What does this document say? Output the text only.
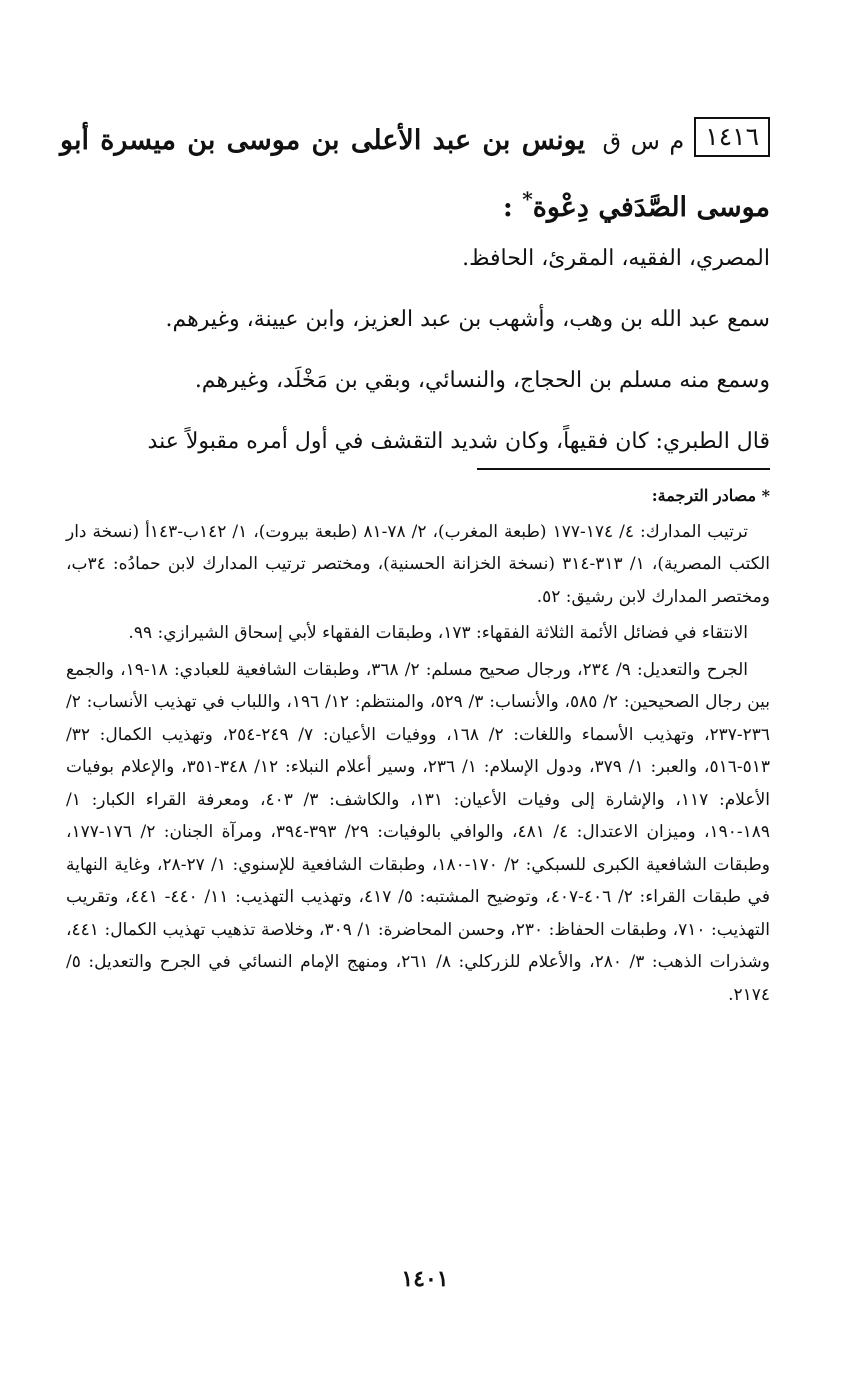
١٤١٦م س ق يونس بن عبد الأعلى بن موسى بن ميسرة أبو موسى الصَّدَفي دِعْوة* :

المصري، الفقيه، المقرئ، الحافظ.

سمع عبد الله بن وهب، وأشهب بن عبد العزيز، وابن عيينة، وغيرهم.

وسمع منه مسلم بن الحجاج، والنسائي، وبقي بن مَخْلَد، وغيرهم.

قال الطبري: كان فقيهاً، وكان شديد التقشف في أول أمره مقبولاً عند

* مصادر الترجمة:

ترتيب المدارك: ٤/ ١٧٤-١٧٧ (طبعة المغرب)، ٢/ ٧٨-٨١ (طبعة بيروت)، ١/ ١٤٢ب-١٤٣أ (نسخة دار الكتب المصرية)، ١/ ٣١٣-٣١٤ (نسخة الخزانة الحسنية)، ومختصر ترتيب المدارك لابن حمادُه: ٣٤ب، ومختصر المدارك لابن رشيق: ٥٢.

الانتقاء في فضائل الأئمة الثلاثة الفقهاء: ١٧٣، وطبقات الفقهاء لأبي إسحاق الشيرازي: ٩٩.

الجرح والتعديل: ٩/ ٢٣٤، ورجال صحيح مسلم: ٢/ ٣٦٨، وطبقات الشافعية للعبادي: ١٨-١٩، والجمع بين رجال الصحيحين: ٢/ ٥٨٥، والأنساب: ٣/ ٥٢٩، والمنتظم: ١٢/ ١٩٦، واللباب في تهذيب الأنساب: ٢/ ٢٣٦-٢٣٧، وتهذيب الأسماء واللغات: ٢/ ١٦٨، ووفيات الأعيان: ٧/ ٢٤٩-٢٥٤، وتهذيب الكمال: ٣٢/ ٥١٣-٥١٦، والعبر: ١/ ٣٧٩، ودول الإسلام: ١/ ٢٣٦، وسير أعلام النبلاء: ١٢/ ٣٤٨-٣٥١، والإعلام بوفيات الأعلام: ١١٧، والإشارة إلى وفيات الأعيان: ١٣١، والكاشف: ٣/ ٤٠٣، ومعرفة القراء الكبار: ١/ ١٨٩-١٩٠، وميزان الاعتدال: ٤/ ٤٨١، والوافي بالوفيات: ٢٩/ ٣٩٣-٣٩٤، ومرآة الجنان: ٢/ ١٧٦-١٧٧، وطبقات الشافعية الكبرى للسبكي: ٢/ ١٧٠-١٨٠، وطبقات الشافعية للإسنوي: ١/ ٢٧-٢٨، وغاية النهاية في طبقات القراء: ٢/ ٤٠٦-٤٠٧، وتوضيح المشتبه: ٥/ ٤١٧، وتهذيب التهذيب: ١١/ ٤٤٠- ٤٤١، وتقريب التهذيب: ٧١٠، وطبقات الحفاظ: ٢٣٠، وحسن المحاضرة: ١/ ٣٠٩، وخلاصة تذهيب تهذيب الكمال: ٤٤١، وشذرات الذهب: ٣/ ٢٨٠، والأعلام للزركلي: ٨/ ٢٦١، ومنهج الإمام النسائي في الجرح والتعديل: ٥/ ٢١٧٤.

١٤٠١
